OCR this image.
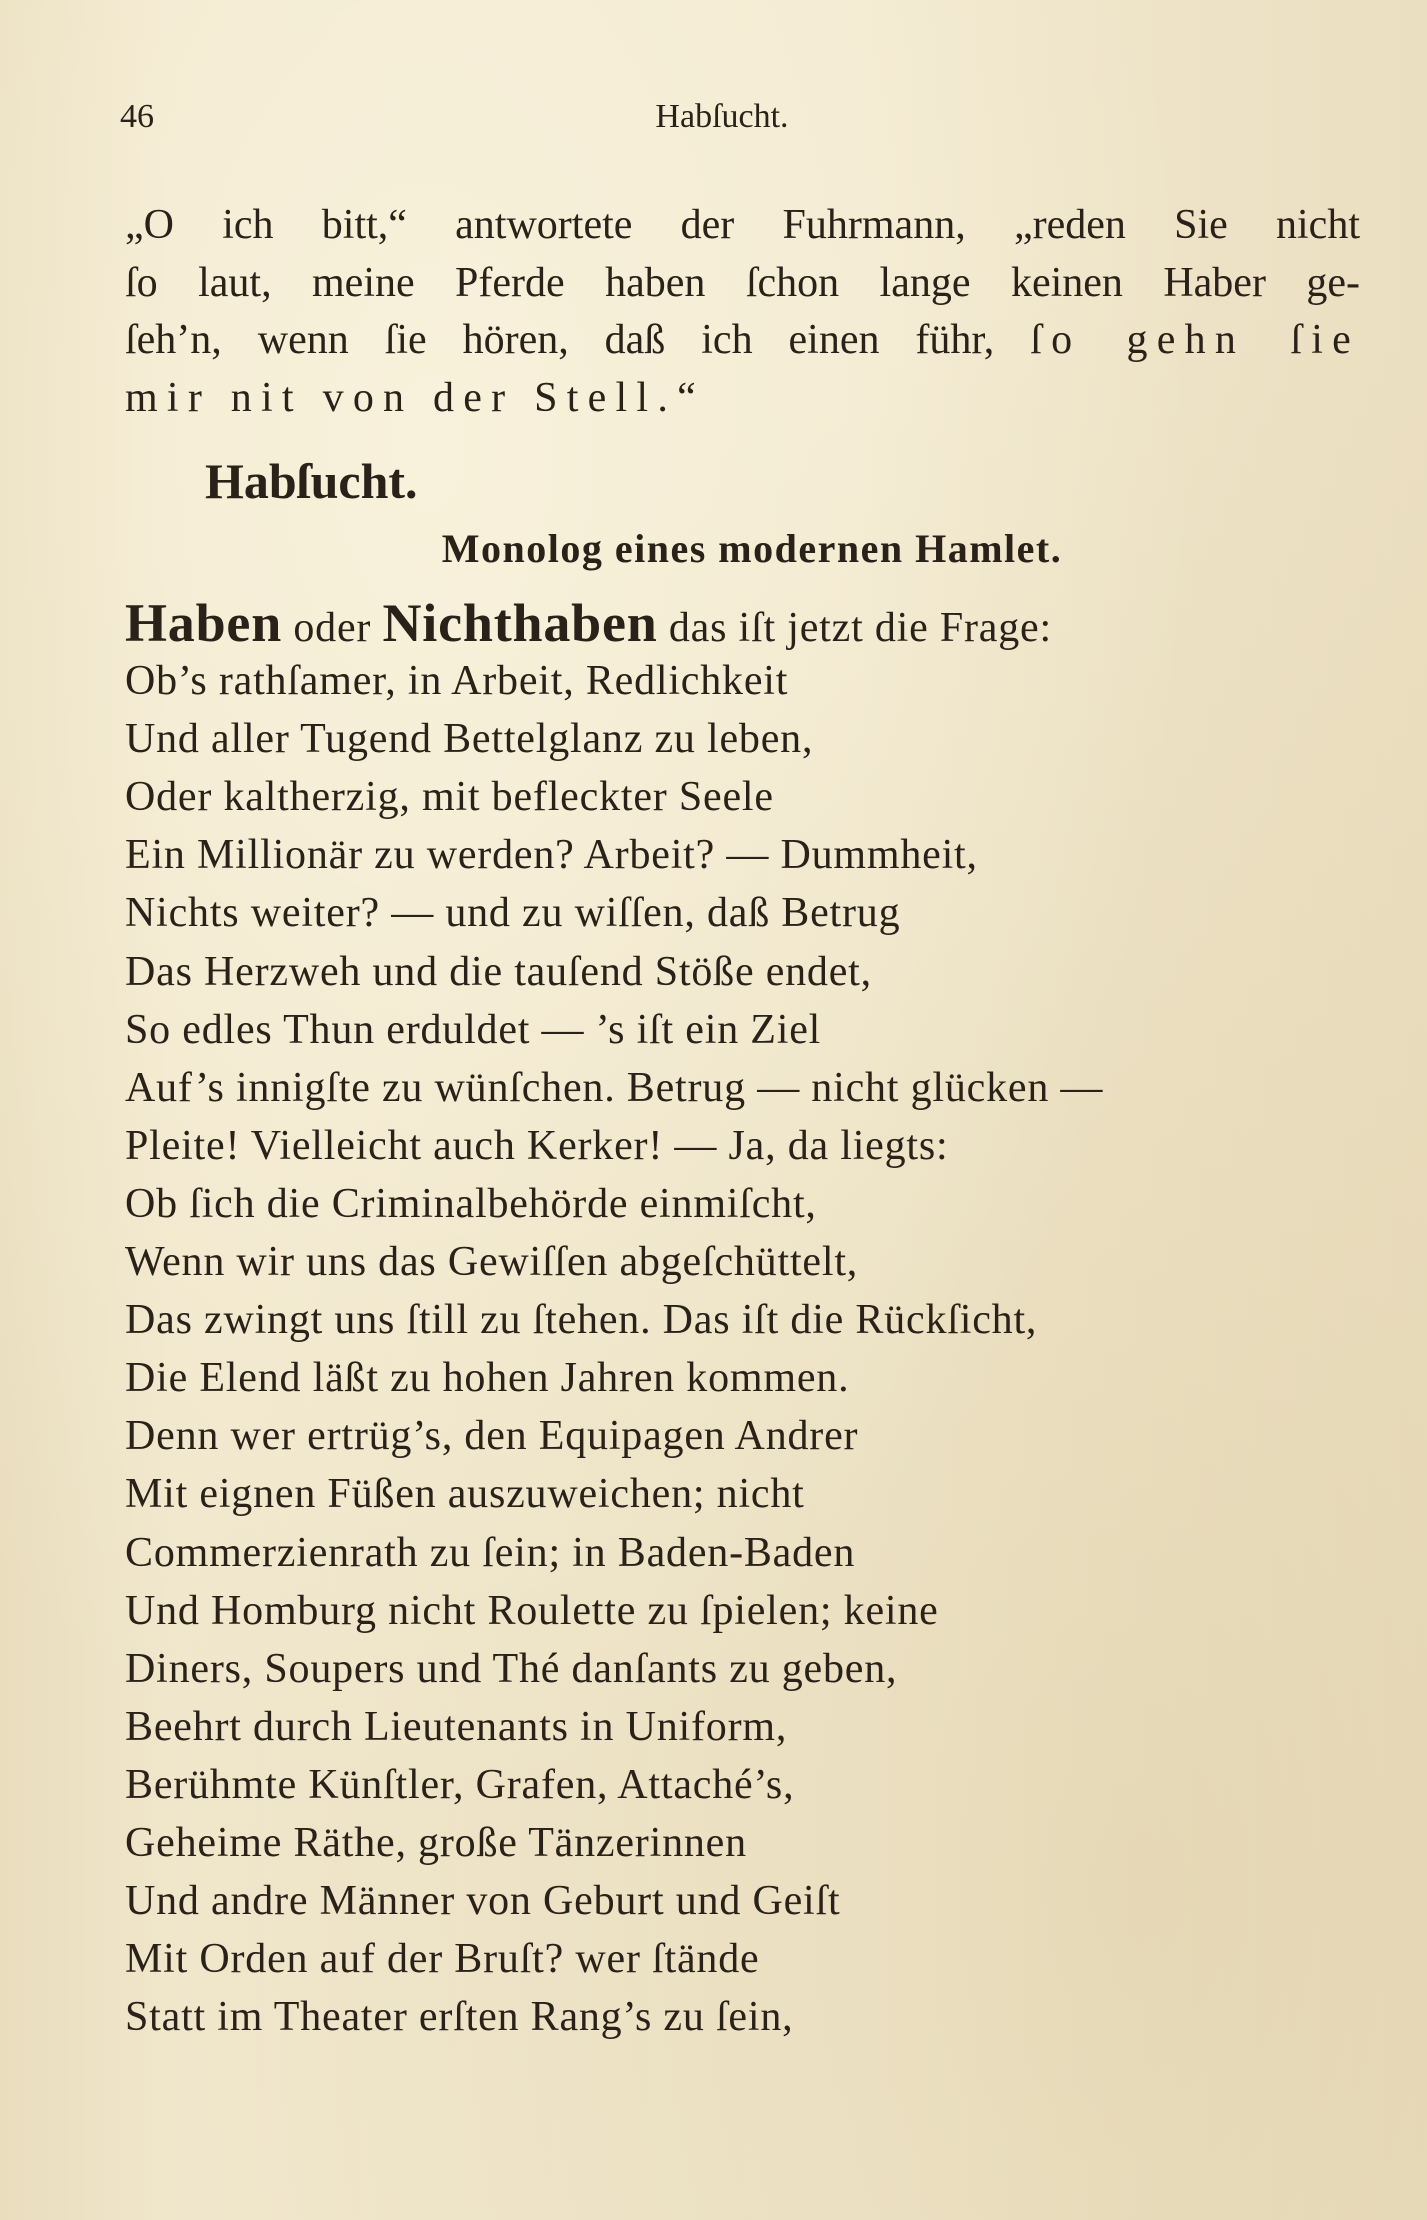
46	Habſucht.
„O ich bitt,“ antwortete der Fuhrmann, „reden Sie nicht
ſo laut, meine Pferde haben ſchon lange keinen Haber ge-
ſeh’n, wenn ſie hören, daß ich einen führ, ſo gehn ſie
mir nit von der Stell.“
Habſucht.
Monolog eines modernen Hamlet.
Haben oder Nichthaben das iſt jetzt die Frage:
Ob’s rathſamer, in Arbeit, Redlichkeit
Und aller Tugend Bettelglanz zu leben,
Oder kaltherzig, mit befleckter Seele
Ein Millionär zu werden? Arbeit? — Dummheit,
Nichts weiter? — und zu wiſſen, daß Betrug
Das Herzweh und die tauſend Stöße endet,
So edles Thun erduldet — ’s iſt ein Ziel
Auf’s innigſte zu wünſchen. Betrug — nicht glücken —
Pleite! Vielleicht auch Kerker! — Ja, da liegts:
Ob ſich die Criminalbehörde einmiſcht,
Wenn wir uns das Gewiſſen abgeſchüttelt,
Das zwingt uns ſtill zu ſtehen. Das iſt die Rückſicht,
Die Elend läßt zu hohen Jahren kommen.
Denn wer ertrüg’s, den Equipagen Andrer
Mit eignen Füßen auszuweichen; nicht
Commerzienrath zu ſein; in Baden-Baden
Und Homburg nicht Roulette zu ſpielen; keine
Diners, Soupers und Thé danſants zu geben,
Beehrt durch Lieutenants in Uniform,
Berühmte Künſtler, Grafen, Attaché’s,
Geheime Räthe, große Tänzerinnen
Und andre Männer von Geburt und Geiſt
Mit Orden auf der Bruſt? wer ſtände
Statt im Theater erſten Rang’s zu ſein,
